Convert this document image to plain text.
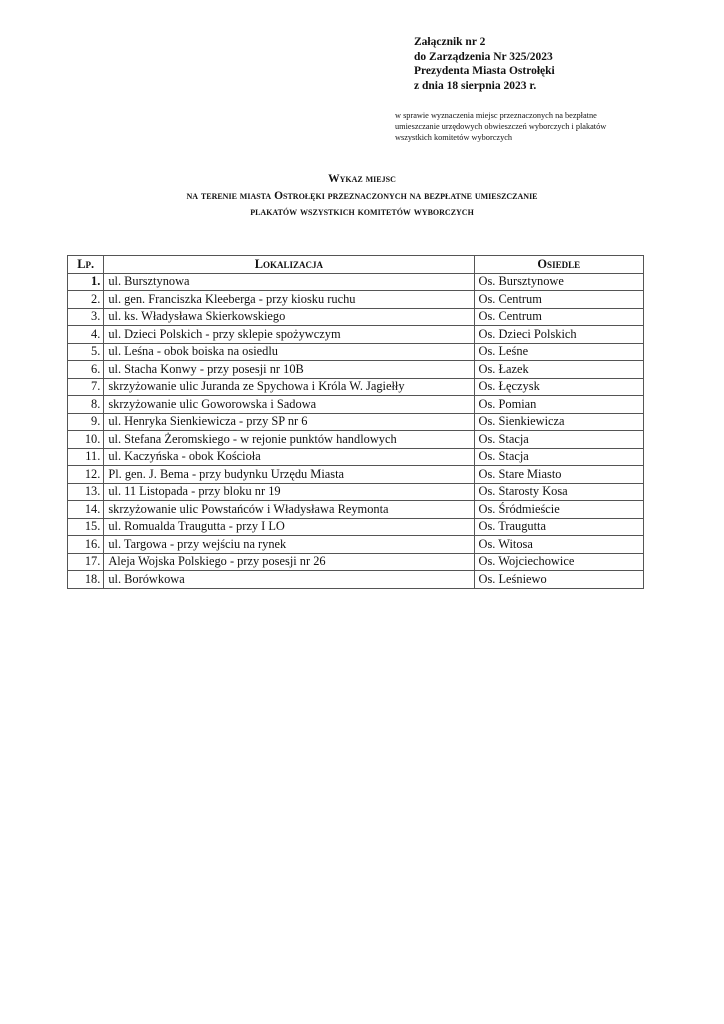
Załącznik nr 2
do Zarządzenia Nr 325/2023
Prezydenta Miasta Ostrołęki
z dnia 18 sierpnia 2023 r.
w sprawie wyznaczenia miejsc przeznaczonych na bezpłatne
umieszczanie urzędowych obwieszczeń wyborczych i plakatów
wszystkich komitetów wyborczych
Wykaz miejsc
na terenie miasta Ostrołęki przeznaczonych na bezpłatne umieszczanie
plakatów wszystkich komitetów wyborczych
Lp.	Lokalizacja	Osiedle
1.	ul. Bursztynowa	Os. Bursztynowe
2.	ul. gen. Franciszka Kleeberga - przy kiosku ruchu	Os. Centrum
3.	ul. ks. Władysława Skierkowskiego	Os. Centrum
4.	ul. Dzieci Polskich - przy sklepie spożywczym	Os. Dzieci Polskich
5.	ul. Leśna - obok boiska na osiedlu	Os. Leśne
6.	ul. Stacha Konwy - przy posesji nr 10B	Os. Łazek
7.	skrzyżowanie ulic Juranda ze Spychowa i Króla W. Jagiełły	Os. Łęczysk
8.	skrzyżowanie ulic Goworowska i Sadowa	Os. Pomian
9.	ul. Henryka Sienkiewicza - przy SP nr 6	Os. Sienkiewicza
10.	ul. Stefana Żeromskiego - w rejonie punktów handlowych	Os. Stacja
11.	ul. Kaczyńska - obok Kościoła	Os. Stacja
12.	Pl. gen. J. Bema - przy budynku Urzędu Miasta	Os. Stare Miasto
13.	ul. 11 Listopada - przy bloku nr 19	Os. Starosty Kosa
14.	skrzyżowanie ulic Powstańców i Władysława Reymonta	Os. Śródmieście
15.	ul. Romualda Traugutta - przy I LO	Os. Traugutta
16.	ul. Targowa - przy wejściu na rynek	Os. Witosa
17.	Aleja Wojska Polskiego - przy posesji nr 26	Os. Wojciechowice
18.	ul. Borówkowa	Os. Leśniewo
